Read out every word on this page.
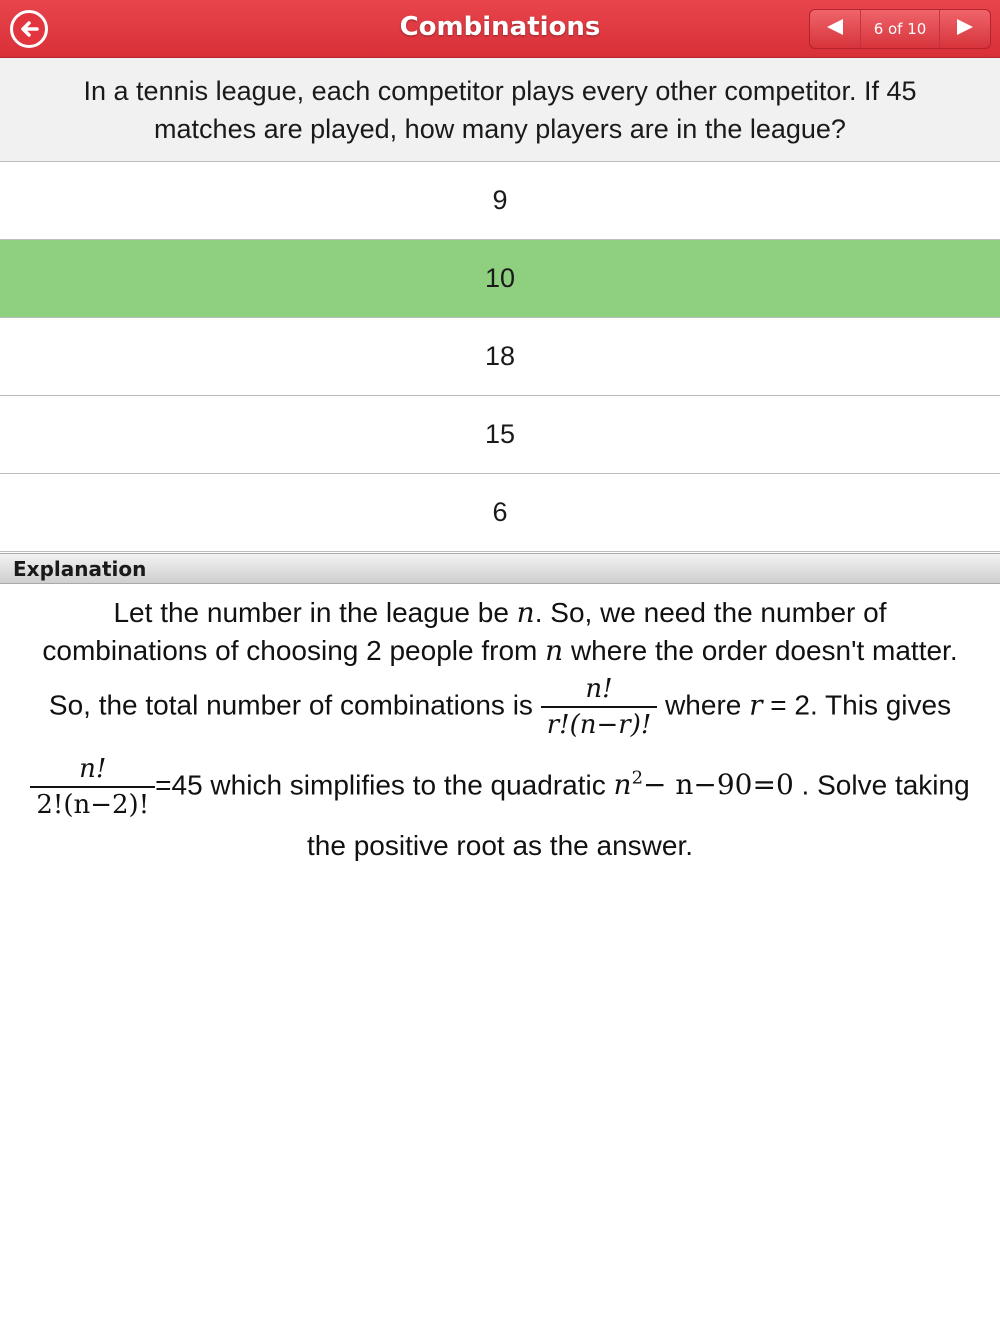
Combinations	6 of 10
In a tennis league, each competitor plays every other competitor. If 45 matches are played, how many players are in the league?
9
10
18
15
6
Explanation
Let the number in the league be n. So, we need the number of
combinations of choosing 2 people from n where the order doesn't matter.
So, the total number of combinations is $\frac{n!}{r!(n-r)!}$ where r = 2. This gives
$\frac{n!}{2!(n-2)!} =45$ which simplifies to the quadratic $n^2- n-90=0$ . Solve taking
the positive root as the answer.
